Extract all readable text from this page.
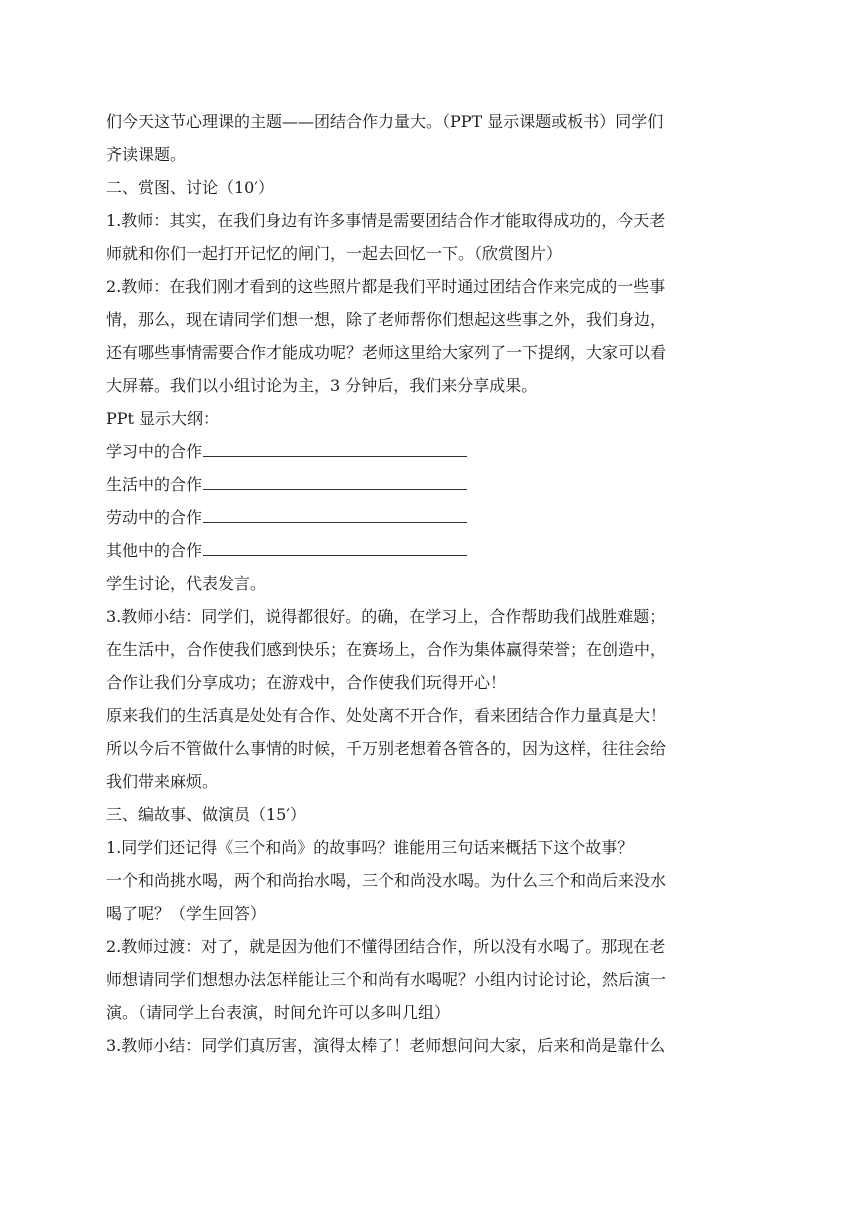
们今天这节心理课的主题——团结合作力量大。（PPT 显示课题或板书）同学们
齐读课题。
二、赏图、讨论（10′）
1.教师：其实，在我们身边有许多事情是需要团结合作才能取得成功的，今天老
师就和你们一起打开记忆的闸门，一起去回忆一下。（欣赏图片）
2.教师：在我们刚才看到的这些照片都是我们平时通过团结合作来完成的一些事
情，那么，现在请同学们想一想，除了老师帮你们想起这些事之外，我们身边，
还有哪些事情需要合作才能成功呢？老师这里给大家列了一下提纲，大家可以看
大屏幕。我们以小组讨论为主，3 分钟后，我们来分享成果。
PPt 显示大纲：
学习中的合作
生活中的合作
劳动中的合作
其他中的合作
学生讨论，代表发言。
3.教师小结：同学们，说得都很好。的确，在学习上，合作帮助我们战胜难题；
在生活中，合作使我们感到快乐；在赛场上，合作为集体赢得荣誉；在创造中，
合作让我们分享成功；在游戏中，合作使我们玩得开心！
原来我们的生活真是处处有合作、处处离不开合作，看来团结合作力量真是大！
所以今后不管做什么事情的时候，千万别老想着各管各的，因为这样，往往会给
我们带来麻烦。
三、编故事、做演员（15′）
1.同学们还记得《三个和尚》的故事吗？谁能用三句话来概括下这个故事？
一个和尚挑水喝，两个和尚抬水喝，三个和尚没水喝。为什么三个和尚后来没水
喝了呢？（学生回答）
2.教师过渡：对了，就是因为他们不懂得团结合作，所以没有水喝了。那现在老
师想请同学们想想办法怎样能让三个和尚有水喝呢？小组内讨论讨论，然后演一
演。（请同学上台表演，时间允许可以多叫几组）
3.教师小结：同学们真厉害，演得太棒了！老师想问问大家，后来和尚是靠什么
